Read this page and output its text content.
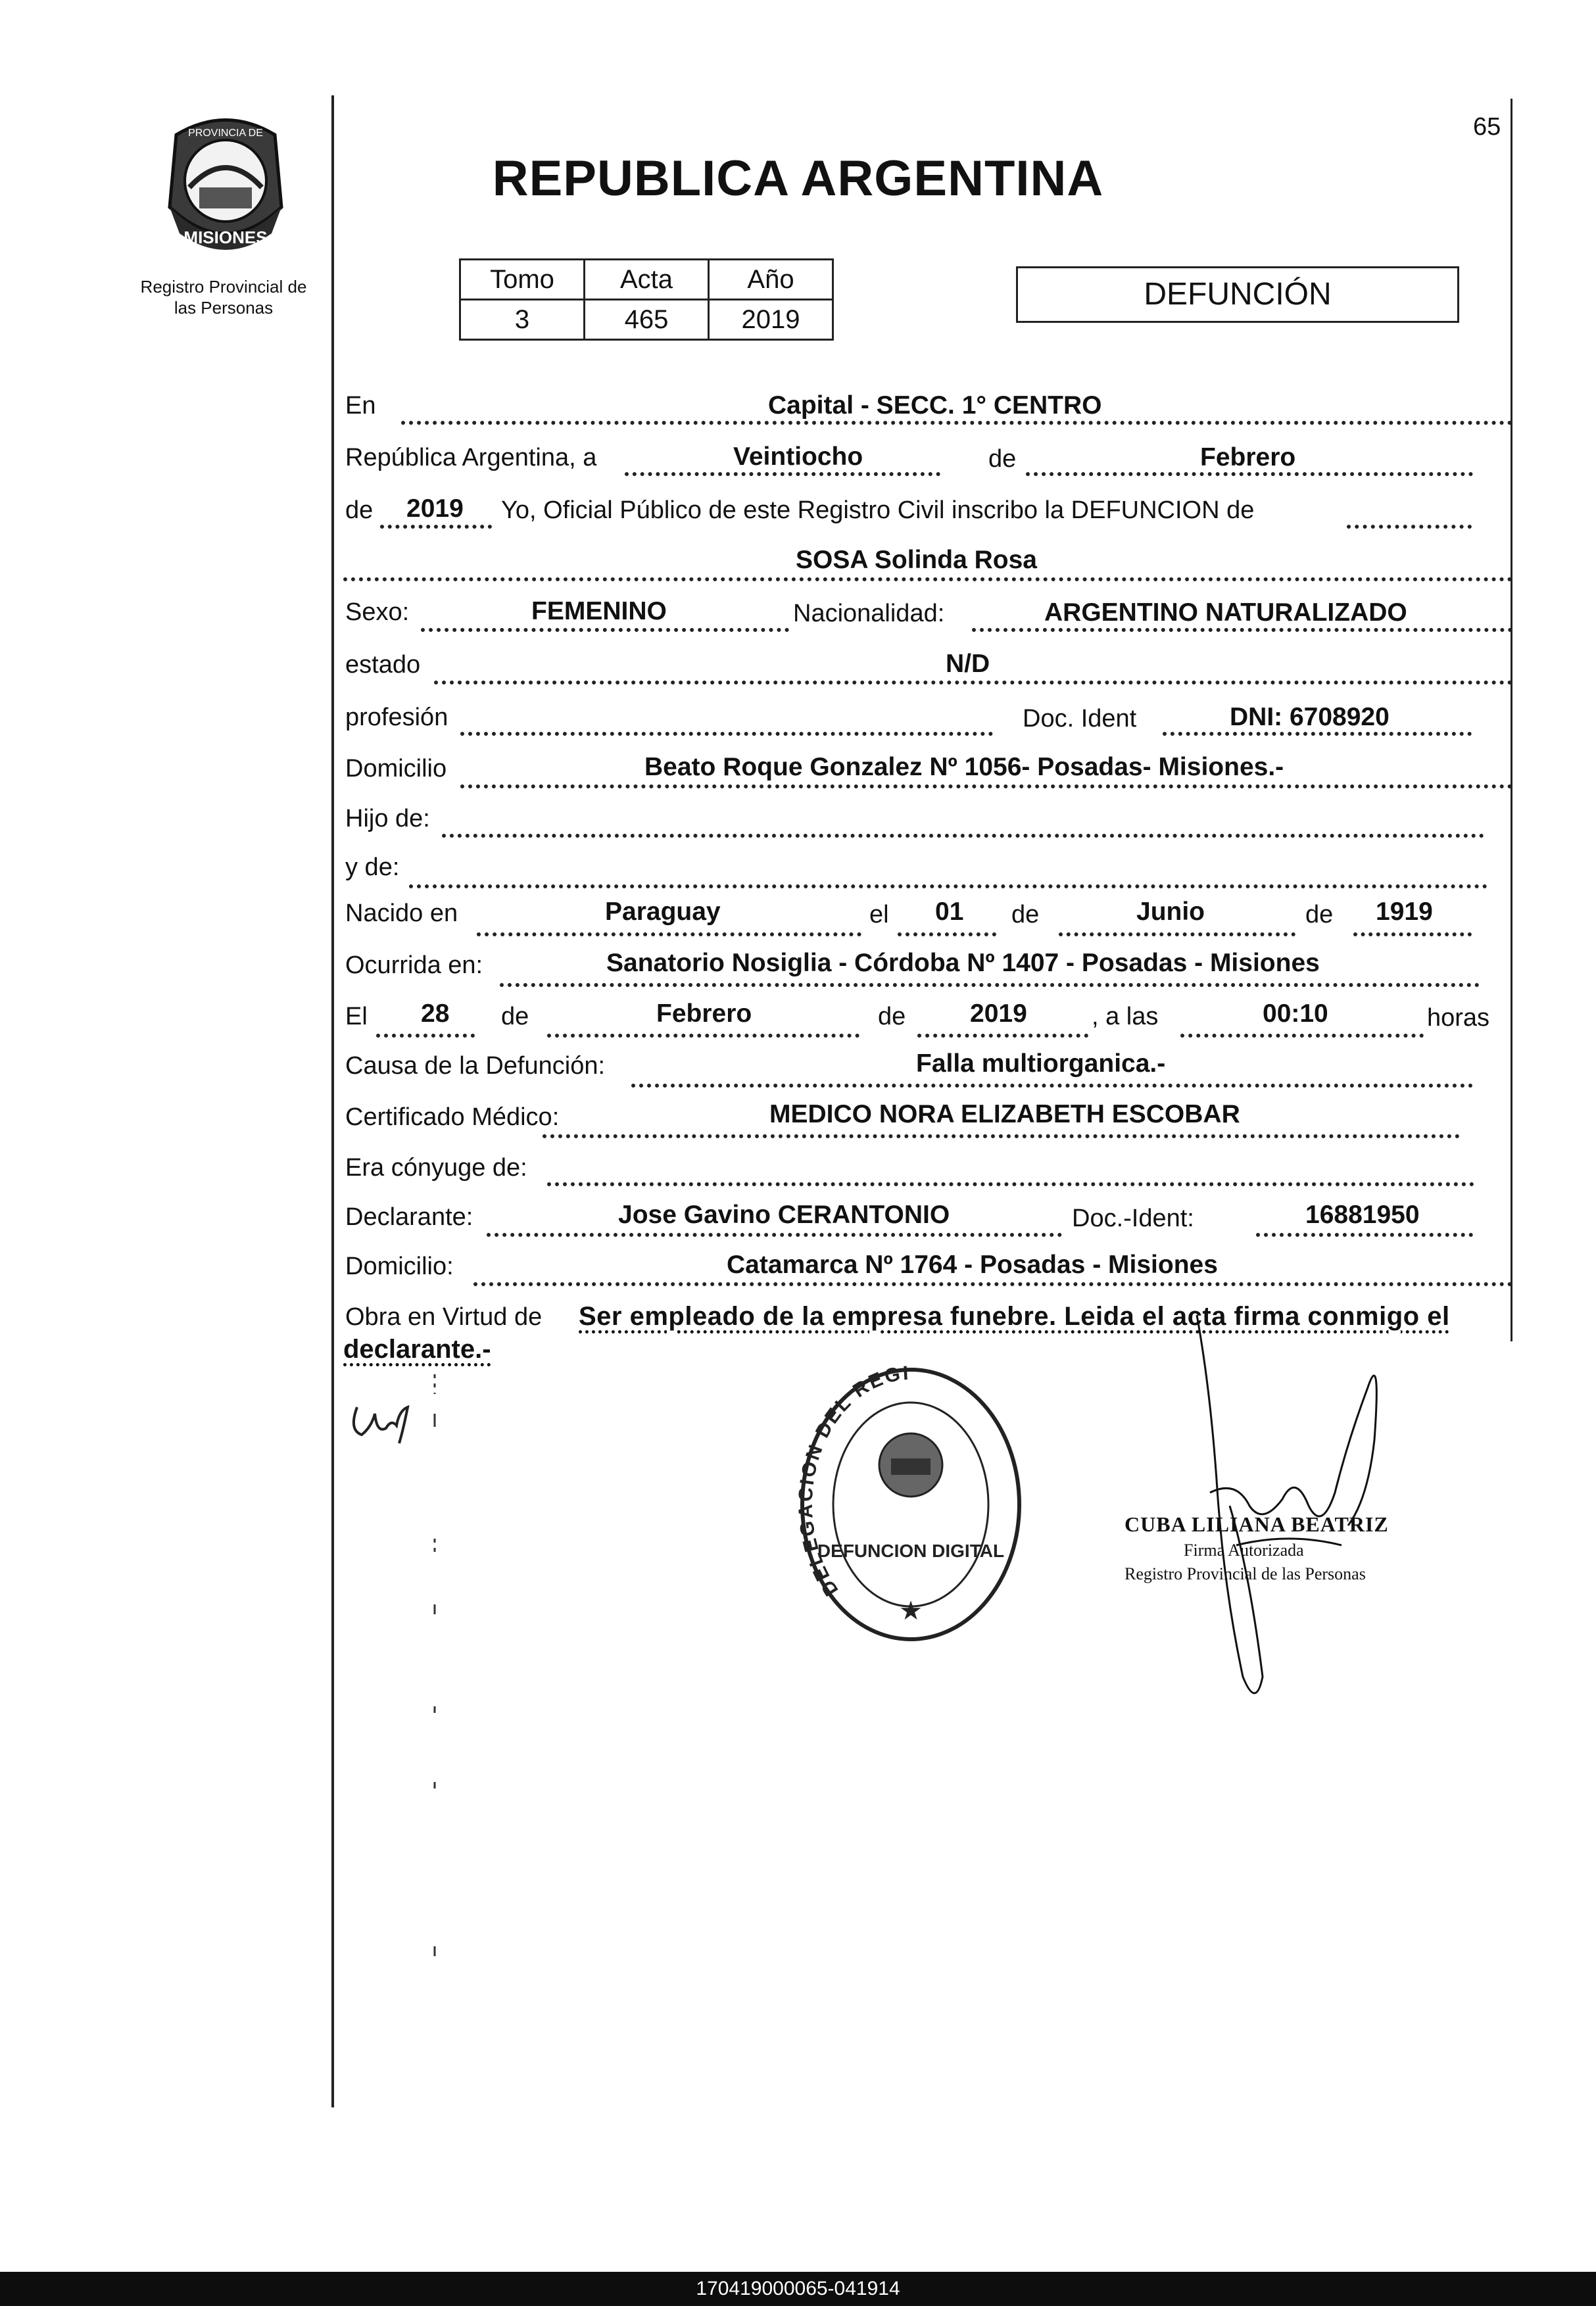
MISIONES
PROVINCIA DE
Registro Provincial de
las Personas
65
REPUBLICA ARGENTINA
Tomo	Acta	Año
3	465	2019
DEFUNCIÓN
En	Capital - SECC. 1° CENTRO
República Argentina, a	Veintiocho	de	Febrero
de 2019 Yo, Oficial Público de este Registro Civil inscribo la DEFUNCION de
SOSA Solinda Rosa
Sexo:	FEMENINO	Nacionalidad:	ARGENTINO NATURALIZADO
estado	N/D
profesión	Doc. Ident	DNI: 6708920
Domicilio	Beato Roque Gonzalez Nº 1056- Posadas- Misiones.-
Hijo de:
y de:
Nacido en	Paraguay	el 01 de	Junio	de 1919
Ocurrida en:	Sanatorio Nosiglia - Córdoba Nº 1407 - Posadas - Misiones
El 28 de	Febrero	de	2019	, a las	00:10	horas
Causa de la Defunción:	Falla multiorganica.-
Certificado Médico:	MEDICO NORA ELIZABETH ESCOBAR
Era cónyuge de:
Declarante:	Jose Gavino CERANTONIO	Doc.-Ident:	16881950
Domicilio:	Catamarca Nº 1764 - Posadas - Misiones
Obra en Virtud de Ser empleado de la empresa funebre. Leida el acta firma conmigo el
declarante.-
DELEGACION DEL REGI
DEFUNCION DIGITAL
★
CUBA LILIANA BEATRIZ
Firma Autorizada
Registro Provincial de las Personas
170419000065-041914
